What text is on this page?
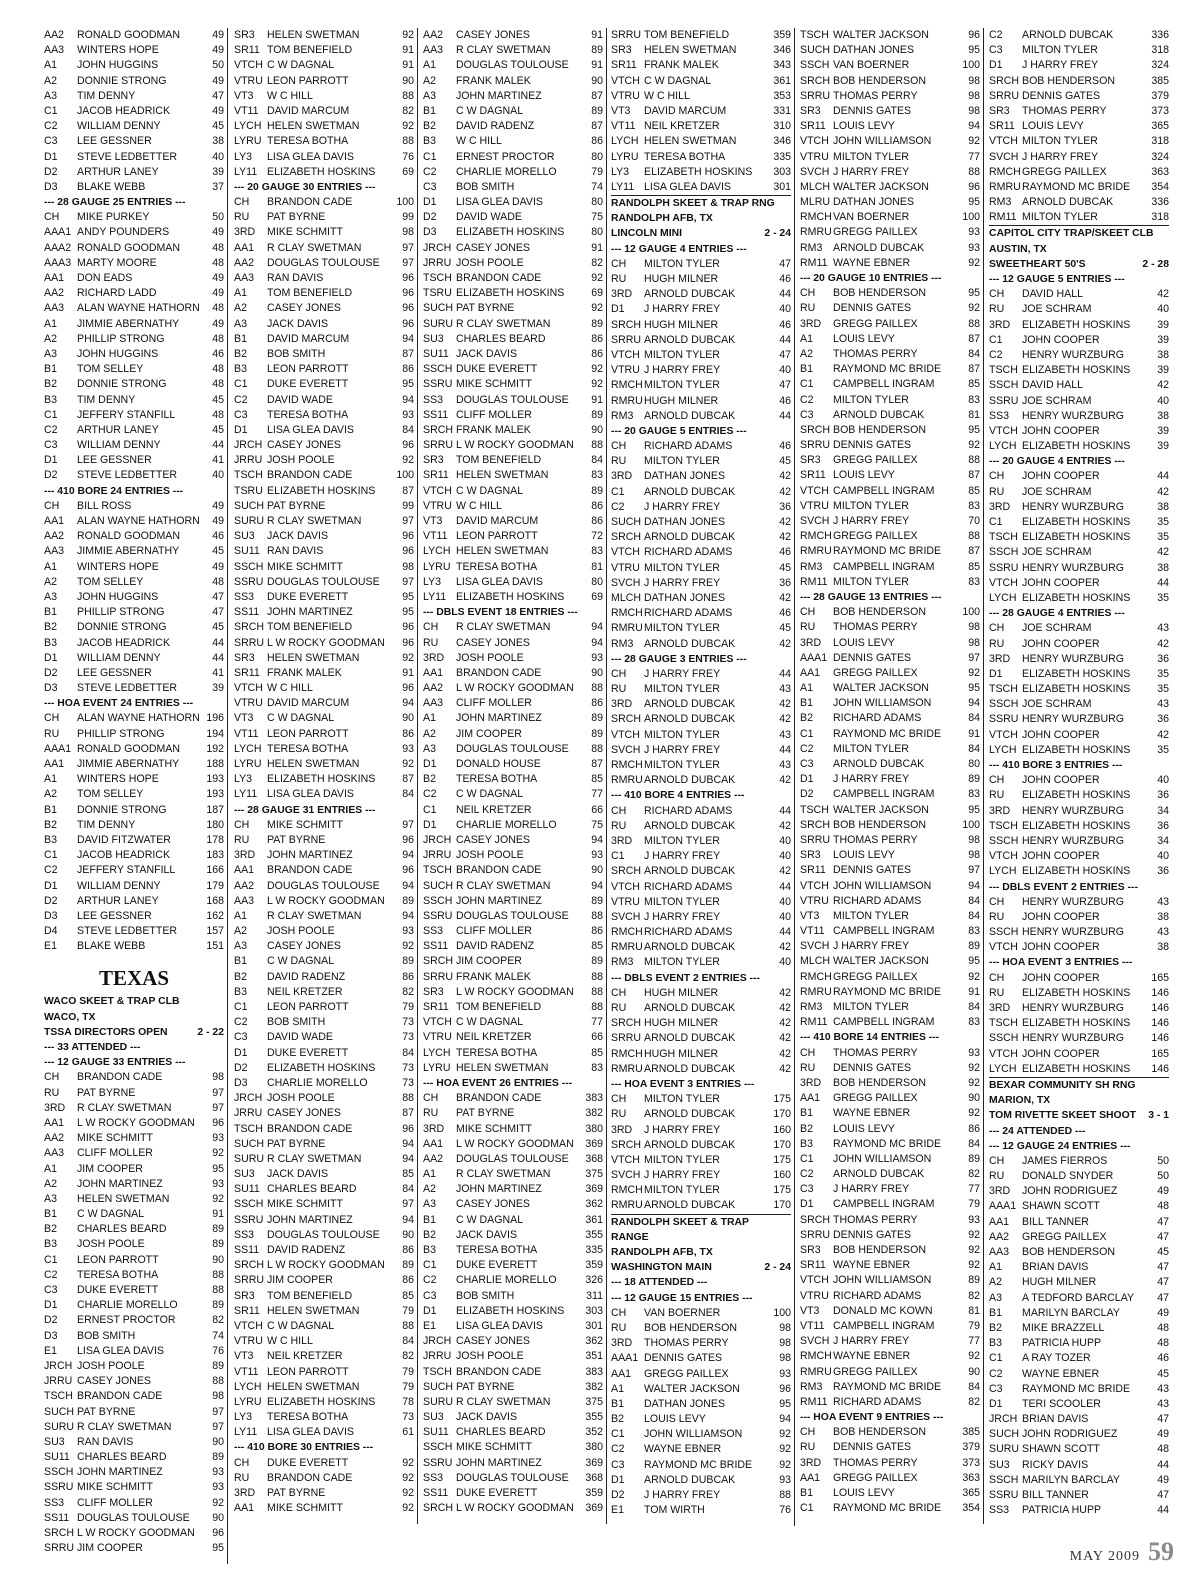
AA2	RONALD GOODMAN	49
AA3	WINTERS HOPE	49
A1	JOHN HUGGINS	50
A2	DONNIE STRONG	49
A3	TIM DENNY	47
C1	JACOB HEADRICK	49
C2	WILLIAM DENNY	45
C3	LEE GESSNER	38
D1	STEVE LEDBETTER	40
D2	ARTHUR LANEY	39
D3	BLAKE WEBB	37
--- 28 GAUGE 25 ENTRIES ---
CH	MIKE PURKEY	50
AAA1 ANDY POUNDERS	49
AAA2 RONALD GOODMAN	48
AAA3 MARTY MOORE	48
AA1	DON EADS	49
AA2	RICHARD LADD	49
AA3	ALAN WAYNE HATHORN	48
A1	JIMMIE ABERNATHY	49
A2	PHILLIP STRONG	48
A3	JOHN HUGGINS	46
B1	TOM SELLEY	48
B2	DONNIE STRONG	48
B3	TIM DENNY	45
C1	JEFFERY STANFILL	48
C2	ARTHUR LANEY	45
C3	WILLIAM DENNY	44
D1	LEE GESSNER	41
D2	STEVE LEDBETTER	40
--- 410 BORE 24 ENTRIES ---
CH	BILL ROSS	49
AA1	ALAN WAYNE HATHORN	49
AA2	RONALD GOODMAN	46
AA3	JIMMIE ABERNATHY	45
A1	WINTERS HOPE	49
A2	TOM SELLEY	48
A3	JOHN HUGGINS	47
B1	PHILLIP STRONG	47
B2	DONNIE STRONG	45
B3	JACOB HEADRICK	44
D1	WILLIAM DENNY	44
D2	LEE GESSNER	41
D3	STEVE LEDBETTER	39
--- HOA EVENT 24 ENTRIES ---
CH	ALAN WAYNE HATHORN 196
RU	PHILLIP STRONG	194
AAA1 RONALD GOODMAN	192
AA1	JIMMIE ABERNATHY	188
A1	WINTERS HOPE	193
A2	TOM SELLEY	193
B1	DONNIE STRONG	187
B2	TIM DENNY	180
B3	DAVID FITZWATER	178
C1	JACOB HEADRICK	183
C2	JEFFERY STANFILL	166
D1	WILLIAM DENNY	179
D2	ARTHUR LANEY	168
D3	LEE GESSNER	162
D4	STEVE LEDBETTER	157
E1	BLAKE WEBB	151
TEXAS
WACO SKEET & TRAP CLB
WACO, TX
TSSA DIRECTORS OPEN	2 - 22
--- 33 ATTENDED ---
--- 12 GAUGE 33 ENTRIES ---
CH	BRANDON CADE	98
RU	PAT BYRNE	97
3RD	R CLAY SWETMAN	97
AA1	L W ROCKY GOODMAN	96
AA2	MIKE SCHMITT	93
AA3	CLIFF MOLLER	92
A1	JIM COOPER	95
A2	JOHN MARTINEZ	93
A3	HELEN SWETMAN	92
B1	C W DAGNAL	91
B2	CHARLES BEARD	89
B3	JOSH POOLE	89
C1	LEON PARROTT	90
C2	TERESA BOTHA	88
C3	DUKE EVERETT	88
D1	CHARLIE MORELLO	89
D2	ERNEST PROCTOR	82
D3	BOB SMITH	74
E1	LISA GLEA DAVIS	76
JRCH JOSH POOLE	89
JRRU CASEY JONES	88
TSCH BRANDON CADE	98
SUCH PAT BYRNE	97
SURU R CLAY SWETMAN	97
SU3	RAN DAVIS	90
SU11 CHARLES BEARD	89
SSCH JOHN MARTINEZ	93
SSRU MIKE SCHMITT	93
SS3	CLIFF MOLLER	92
SS11 DOUGLAS TOULOUSE	90
SRCH L W ROCKY GOODMAN	96
SRRU JIM COOPER	95
SR3	HELEN SWETMAN	92
SR11 TOM BENEFIELD	91
VTCH C W DAGNAL	91
VTRU LEON PARROTT	90
VT3	W C HILL	88
VT11 DAVID MARCUM	82
LYCH HELEN SWETMAN	92
LYRU TERESA BOTHA	88
LY3	LISA GLEA DAVIS	76
LY11 ELIZABETH HOSKINS	69
--- 20 GAUGE 30 ENTRIES ---
CH	BRANDON CADE	100
RU	PAT BYRNE	99
3RD	MIKE SCHMITT	98
AA1	R CLAY SWETMAN	97
AA2	DOUGLAS TOULOUSE	97
AA3	RAN DAVIS	96
A1	TOM BENEFIELD	96
A2	CASEY JONES	96
A3	JACK DAVIS	96
B1	DAVID MARCUM	94
B2	BOB SMITH	87
B3	LEON PARROTT	86
C1	DUKE EVERETT	95
C2	DAVID WADE	94
C3	TERESA BOTHA	93
D1	LISA GLEA DAVIS	84
JRCH CASEY JONES	96
JRRU JOSH POOLE	92
TSCH BRANDON CADE	100
TSRU ELIZABETH HOSKINS	87
SUCH PAT BYRNE	99
SURU R CLAY SWETMAN	97
SU3	JACK DAVIS	96
SU11 RAN DAVIS	96
SSCH MIKE SCHMITT	98
SSRU DOUGLAS TOULOUSE	97
SS3	DUKE EVERETT	95
SS11 JOHN MARTINEZ	95
SRCH TOM BENEFIELD	96
SRRU L W ROCKY GOODMAN	96
SR3	HELEN SWETMAN	92
SR11 FRANK MALEK	91
VTCH W C HILL	96
VTRU DAVID MARCUM	94
VT3	C W DAGNAL	90
VT11 LEON PARROTT	86
LYCH TERESA BOTHA	93
LYRU HELEN SWETMAN	92
LY3	ELIZABETH HOSKINS	87
LY11 LISA GLEA DAVIS	84
--- 28 GAUGE 31 ENTRIES ---
CH	MIKE SCHMITT	97
RU	PAT BYRNE	96
3RD	JOHN MARTINEZ	94
AA1	BRANDON CADE	96
AA2	DOUGLAS TOULOUSE	94
AA3	L W ROCKY GOODMAN	89
A1	R CLAY SWETMAN	94
A2	JOSH POOLE	93
A3	CASEY JONES	92
B1	C W DAGNAL	89
B2	DAVID RADENZ	86
B3	NEIL KRETZER	82
C1	LEON PARROTT	79
C2	BOB SMITH	73
C3	DAVID WADE	73
D1	DUKE EVERETT	84
D2	ELIZABETH HOSKINS	73
D3	CHARLIE MORELLO	73
JRCH JOSH POOLE	88
JRRU CASEY JONES	87
TSCH BRANDON CADE	96
SUCH PAT BYRNE	94
SURU R CLAY SWETMAN	94
SU3	JACK DAVIS	85
SU11 CHARLES BEARD	84
SSCH MIKE SCHMITT	97
SSRU JOHN MARTINEZ	94
SS3	DOUGLAS TOULOUSE	90
SS11 DAVID RADENZ	86
SRCH L W ROCKY GOODMAN	89
SRRU JIM COOPER	86
SR3	TOM BENEFIELD	85
SR11 HELEN SWETMAN	79
VTCH C W DAGNAL	88
VTRU W C HILL	84
VT3	NEIL KRETZER	82
VT11 LEON PARROTT	79
LYCH HELEN SWETMAN	79
LYRU ELIZABETH HOSKINS	78
LY3	TERESA BOTHA	73
LY11 LISA GLEA DAVIS	61
--- 410 BORE 30 ENTRIES ---
CH	DUKE EVERETT	92
RU	BRANDON CADE	92
3RD	PAT BYRNE	92
AA1	MIKE SCHMITT	92
AA2	CASEY JONES	91
AA3	R CLAY SWETMAN	89
A1	DOUGLAS TOULOUSE	91
A2	FRANK MALEK	90
A3	JOHN MARTINEZ	87
B1	C W DAGNAL	89
B2	DAVID RADENZ	87
B3	W C HILL	86
C1	ERNEST PROCTOR	80
C2	CHARLIE MORELLO	79
C3	BOB SMITH	74
D1	LISA GLEA DAVIS	80
D2	DAVID WADE	75
D3	ELIZABETH HOSKINS	80
JRCH CASEY JONES	91
JRRU JOSH POOLE	82
TSCH BRANDON CADE	92
TSRU ELIZABETH HOSKINS	69
SUCH PAT BYRNE	92
SURU R CLAY SWETMAN	89
SU3	CHARLES BEARD	86
SU11 JACK DAVIS	86
SSCH DUKE EVERETT	92
SSRU MIKE SCHMITT	92
SS3	DOUGLAS TOULOUSE	91
SS11 CLIFF MOLLER	89
SRCH FRANK MALEK	90
SRRU L W ROCKY GOODMAN	88
SR3	TOM BENEFIELD	84
SR11 HELEN SWETMAN	83
VTCH C W DAGNAL	89
VTRU W C HILL	86
VT3	DAVID MARCUM	86
VT11 LEON PARROTT	72
LYCH HELEN SWETMAN	83
LYRU TERESA BOTHA	81
LY3	LISA GLEA DAVIS	80
LY11 ELIZABETH HOSKINS	69
--- DBLS EVENT 18 ENTRIES ---
CH	R CLAY SWETMAN	94
RU	CASEY JONES	94
3RD	JOSH POOLE	93
AA1	BRANDON CADE	90
AA2	L W ROCKY GOODMAN	88
AA3	CLIFF MOLLER	86
A1	JOHN MARTINEZ	89
A2	JIM COOPER	89
A3	DOUGLAS TOULOUSE	88
D1	DONALD HOUSE	87
B2	TERESA BOTHA	85
C2	C W DAGNAL	77
C1	NEIL KRETZER	66
D1	CHARLIE MORELLO	75
JRCH CASEY JONES	94
JRRU JOSH POOLE	93
TSCH BRANDON CADE	90
SUCH R CLAY SWETMAN	94
SSCH JOHN MARTINEZ	89
SSRU DOUGLAS TOULOUSE	88
SS3	CLIFF MOLLER	86
SS11 DAVID RADENZ	85
SRCH JIM COOPER	89
SRRU FRANK MALEK	88
SR3	L W ROCKY GOODMAN	88
SR11 TOM BENEFIELD	88
VTCH C W DAGNAL	77
VTRU NEIL KRETZER	66
LYCH TERESA BOTHA	85
LYRU HELEN SWETMAN	83
--- HOA EVENT 26 ENTRIES ---
CH	BRANDON CADE	383
RU	PAT BYRNE	382
3RD	MIKE SCHMITT	380
AA1	L W ROCKY GOODMAN	369
AA2	DOUGLAS TOULOUSE	368
A1	R CLAY SWETMAN	375
A2	JOHN MARTINEZ	369
A3	CASEY JONES	362
B1	C W DAGNAL	361
B2	JACK DAVIS	355
B3	TERESA BOTHA	335
C1	DUKE EVERETT	359
C2	CHARLIE MORELLO	326
C3	BOB SMITH	311
D1	ELIZABETH HOSKINS	303
E1	LISA GLEA DAVIS	301
JRCH CASEY JONES	362
JRRU JOSH POOLE	351
TSCH BRANDON CADE	383
SUCH PAT BYRNE	382
SURU R CLAY SWETMAN	375
SU3	JACK DAVIS	355
SU11 CHARLES BEARD	352
SSCH MIKE SCHMITT	380
SSRU JOHN MARTINEZ	369
SS3	DOUGLAS TOULOUSE	368
SS11 DUKE EVERETT	359
SRCH L W ROCKY GOODMAN	369
SRRU TOM BENEFIELD	359
SR3	HELEN SWETMAN	346
SR11 FRANK MALEK	343
VTCH C W DAGNAL	361
VTRU W C HILL	353
VT3	DAVID MARCUM	331
VT11 NEIL KRETZER	310
LYCH HELEN SWETMAN	346
LYRU TERESA BOTHA	335
LY3	ELIZABETH HOSKINS	303
LY11 LISA GLEA DAVIS	301
RANDOLPH SKEET & TRAP RNG
RANDOLPH AFB, TX
LINCOLN MINI	2 - 24
--- 12 GAUGE 4 ENTRIES ---
CH	MILTON TYLER	47
RU	HUGH MILNER	46
3RD	ARNOLD DUBCAK	44
D1	J HARRY FREY	40
SRCH HUGH MILNER	46
SRRU ARNOLD DUBCAK	44
VTCH MILTON TYLER	47
VTRU J HARRY FREY	40
RMCH MILTON TYLER	47
RMRU HUGH MILNER	46
RM3	ARNOLD DUBCAK	44
--- 20 GAUGE 5 ENTRIES ---
CH	RICHARD ADAMS	46
RU	MILTON TYLER	45
3RD	DATHAN JONES	42
C1	ARNOLD DUBCAK	42
C2	J HARRY FREY	36
SUCH DATHAN JONES	42
SRCH ARNOLD DUBCAK	42
VTCH RICHARD ADAMS	46
VTRU MILTON TYLER	45
SVCH J HARRY FREY	36
MLCH DATHAN JONES	42
RMCH RICHARD ADAMS	46
RMRU MILTON TYLER	45
RM3	ARNOLD DUBCAK	42
--- 28 GAUGE 3 ENTRIES ---
CH	J HARRY FREY	44
RU	MILTON TYLER	43
3RD	ARNOLD DUBCAK	42
SRCH ARNOLD DUBCAK	42
VTCH MILTON TYLER	43
SVCH J HARRY FREY	44
RMCH MILTON TYLER	43
RMRU ARNOLD DUBCAK	42
--- 410 BORE 4 ENTRIES ---
CH	RICHARD ADAMS	44
RU	ARNOLD DUBCAK	42
3RD	MILTON TYLER	40
C1	J HARRY FREY	40
SRCH ARNOLD DUBCAK	42
VTCH RICHARD ADAMS	44
VTRU MILTON TYLER	40
SVCH J HARRY FREY	40
RMCH RICHARD ADAMS	44
RMRU ARNOLD DUBCAK	42
RM3	MILTON TYLER	40
--- DBLS EVENT 2 ENTRIES ---
CH	HUGH MILNER	42
RU	ARNOLD DUBCAK	42
SRCH HUGH MILNER	42
SRRU ARNOLD DUBCAK	42
RMCH HUGH MILNER	42
RMRU ARNOLD DUBCAK	42
--- HOA EVENT 3 ENTRIES ---
CH	MILTON TYLER	175
RU	ARNOLD DUBCAK	170
3RD	J HARRY FREY	160
SRCH ARNOLD DUBCAK	170
VTCH MILTON TYLER	175
SVCH J HARRY FREY	160
RMCH MILTON TYLER	175
RMRU ARNOLD DUBCAK	170
RANDOLPH SKEET & TRAP
RANGE
RANDOLPH AFB, TX
WASHINGTON MAIN	2 - 24
--- 18 ATTENDED ---
--- 12 GAUGE 15 ENTRIES ---
CH	VAN BOERNER	100
RU	BOB HENDERSON	98
3RD	THOMAS PERRY	98
AAA1 DENNIS GATES	98
AA1	GREGG PAILLEX	93
A1	WALTER JACKSON	96
B1	DATHAN JONES	95
B2	LOUIS LEVY	94
C1	JOHN WILLIAMSON	92
C2	WAYNE EBNER	92
C3	RAYMOND MC BRIDE	92
D1	ARNOLD DUBCAK	93
D2	J HARRY FREY	88
E1	TOM WIRTH	76
TSCH WALTER JACKSON	96
SUCH DATHAN JONES	95
SSCH VAN BOERNER	100
SRCH BOB HENDERSON	98
SRRU THOMAS PERRY	98
SR3	DENNIS GATES	98
SR11 LOUIS LEVY	94
VTCH JOHN WILLIAMSON	92
VTRU MILTON TYLER	77
SVCH J HARRY FREY	88
MLCH WALTER JACKSON	96
MLRU DATHAN JONES	95
RMCH VAN BOERNER	100
RMRU GREGG PAILLEX	93
RM3	ARNOLD DUBCAK	93
RM11 WAYNE EBNER	92
--- 20 GAUGE 10 ENTRIES ---
CH	BOB HENDERSON	95
RU	DENNIS GATES	92
3RD	GREGG PAILLEX	88
A1	LOUIS LEVY	87
A2	THOMAS PERRY	84
B1	RAYMOND MC BRIDE	87
C1	CAMPBELL INGRAM	85
C2	MILTON TYLER	83
C3	ARNOLD DUBCAK	81
SRCH BOB HENDERSON	95
SRRU DENNIS GATES	92
SR3	GREGG PAILLEX	88
SR11 LOUIS LEVY	87
VTCH CAMPBELL INGRAM	85
VTRU MILTON TYLER	83
SVCH J HARRY FREY	70
RMCH GREGG PAILLEX	88
RMRU RAYMOND MC BRIDE	87
RM3	CAMPBELL INGRAM	85
RM11 MILTON TYLER	83
--- 28 GAUGE 13 ENTRIES ---
CH	BOB HENDERSON	100
RU	THOMAS PERRY	98
3RD	LOUIS LEVY	98
AAA1 DENNIS GATES	97
AA1	GREGG PAILLEX	92
A1	WALTER JACKSON	95
B1	JOHN WILLIAMSON	94
B2	RICHARD ADAMS	84
C1	RAYMOND MC BRIDE	91
C2	MILTON TYLER	84
C3	ARNOLD DUBCAK	80
D1	J HARRY FREY	89
D2	CAMPBELL INGRAM	83
TSCH WALTER JACKSON	95
SRCH BOB HENDERSON	100
SRRU THOMAS PERRY	98
SR3	LOUIS LEVY	98
SR11 DENNIS GATES	97
VTCH JOHN WILLIAMSON	94
VTRU RICHARD ADAMS	84
VT3	MILTON TYLER	84
VT11 CAMPBELL INGRAM	83
SVCH J HARRY FREY	89
MLCH WALTER JACKSON	95
RMCH GREGG PAILLEX	92
RMRU RAYMOND MC BRIDE	91
RM3	MILTON TYLER	84
RM11 CAMPBELL INGRAM	83
--- 410 BORE 14 ENTRIES ---
CH	THOMAS PERRY	93
RU	DENNIS GATES	92
3RD	BOB HENDERSON	92
AA1	GREGG PAILLEX	90
B1	WAYNE EBNER	92
B2	LOUIS LEVY	86
B3	RAYMOND MC BRIDE	84
C1	JOHN WILLIAMSON	89
C2	ARNOLD DUBCAK	82
C3	J HARRY FREY	77
D1	CAMPBELL INGRAM	79
SRCH THOMAS PERRY	93
SRRU DENNIS GATES	92
SR3	BOB HENDERSON	92
SR11 WAYNE EBNER	92
VTCH JOHN WILLIAMSON	89
VTRU RICHARD ADAMS	82
VT3	DONALD MC KOWN	81
VT11 CAMPBELL INGRAM	79
SVCH J HARRY FREY	77
RMCH WAYNE EBNER	92
RMRU GREGG PAILLEX	90
RM3	RAYMOND MC BRIDE	84
RM11 RICHARD ADAMS	82
--- HOA EVENT 9 ENTRIES ---
CH	BOB HENDERSON	385
RU	DENNIS GATES	379
3RD	THOMAS PERRY	373
AA1	GREGG PAILLEX	363
B1	LOUIS LEVY	365
C1	RAYMOND MC BRIDE	354
C2	ARNOLD DUBCAK	336
C3	MILTON TYLER	318
D1	J HARRY FREY	324
SRCH BOB HENDERSON	385
SRRU DENNIS GATES	379
SR3	THOMAS PERRY	373
SR11 LOUIS LEVY	365
VTCH MILTON TYLER	318
SVCH J HARRY FREY	324
RMCH GREGG PAILLEX	363
RMRU RAYMOND MC BRIDE	354
RM3	ARNOLD DUBCAK	336
RM11 MILTON TYLER	318
CAPITOL CITY TRAP/SKEET CLB
AUSTIN, TX
SWEETHEART 50'S	2 - 28
--- 12 GAUGE 5 ENTRIES ---
CH	DAVID HALL	42
RU	JOE SCHRAM	40
3RD	ELIZABETH HOSKINS	39
C1	JOHN COOPER	39
C2	HENRY WURZBURG	38
TSCH ELIZABETH HOSKINS	39
SSCH DAVID HALL	42
SSRU JOE SCHRAM	40
SS3	HENRY WURZBURG	38
VTCH JOHN COOPER	39
LYCH ELIZABETH HOSKINS	39
--- 20 GAUGE 4 ENTRIES ---
CH	JOHN COOPER	44
RU	JOE SCHRAM	42
3RD	HENRY WURZBURG	38
C1	ELIZABETH HOSKINS	35
TSCH ELIZABETH HOSKINS	35
SSCH JOE SCHRAM	42
SSRU HENRY WURZBURG	38
VTCH JOHN COOPER	44
LYCH ELIZABETH HOSKINS	35
--- 28 GAUGE 4 ENTRIES ---
CH	JOE SCHRAM	43
RU	JOHN COOPER	42
3RD	HENRY WURZBURG	36
D1	ELIZABETH HOSKINS	35
TSCH ELIZABETH HOSKINS	35
SSCH JOE SCHRAM	43
SSRU HENRY WURZBURG	36
VTCH JOHN COOPER	42
LYCH ELIZABETH HOSKINS	35
--- 410 BORE 3 ENTRIES ---
CH	JOHN COOPER	40
RU	ELIZABETH HOSKINS	36
3RD	HENRY WURZBURG	34
TSCH ELIZABETH HOSKINS	36
SSCH HENRY WURZBURG	34
VTCH JOHN COOPER	40
LYCH ELIZABETH HOSKINS	36
--- DBLS EVENT 2 ENTRIES ---
CH	HENRY WURZBURG	43
RU	JOHN COOPER	38
SSCH HENRY WURZBURG	43
VTCH JOHN COOPER	38
--- HOA EVENT 3 ENTRIES ---
CH	JOHN COOPER	165
RU	ELIZABETH HOSKINS	146
3RD	HENRY WURZBURG	146
TSCH ELIZABETH HOSKINS	146
SSCH HENRY WURZBURG	146
VTCH JOHN COOPER	165
LYCH ELIZABETH HOSKINS	146
BEXAR COMMUNITY SH RNG
MARION, TX
TOM RIVETTE SKEET SHOOT 3 - 1
--- 24 ATTENDED ---
--- 12 GAUGE 24 ENTRIES ---
CH	JAMES FIERROS	50
RU	DONALD SNYDER	50
3RD	JOHN RODRIGUEZ	49
AAA1 SHAWN SCOTT	48
AA1	BILL TANNER	47
AA2	GREGG PAILLEX	47
AA3	BOB HENDERSON	45
A1	BRIAN DAVIS	47
A2	HUGH MILNER	47
A3	A TEDFORD BARCLAY	47
B1	MARILYN BARCLAY	49
B2	MIKE BRAZZELL	48
B3	PATRICIA HUPP	48
C1	A RAY TOZER	46
C2	WAYNE EBNER	45
C3	RAYMOND MC BRIDE	43
D1	TERI SCOOLER	43
JRCH BRIAN DAVIS	47
SUCH JOHN RODRIGUEZ	49
SURU SHAWN SCOTT	48
SU3	RICKY DAVIS	44
SSCH MARILYN BARCLAY	49
SSRU BILL TANNER	47
SS3	PATRICIA HUPP	44
MAY 2009 59
